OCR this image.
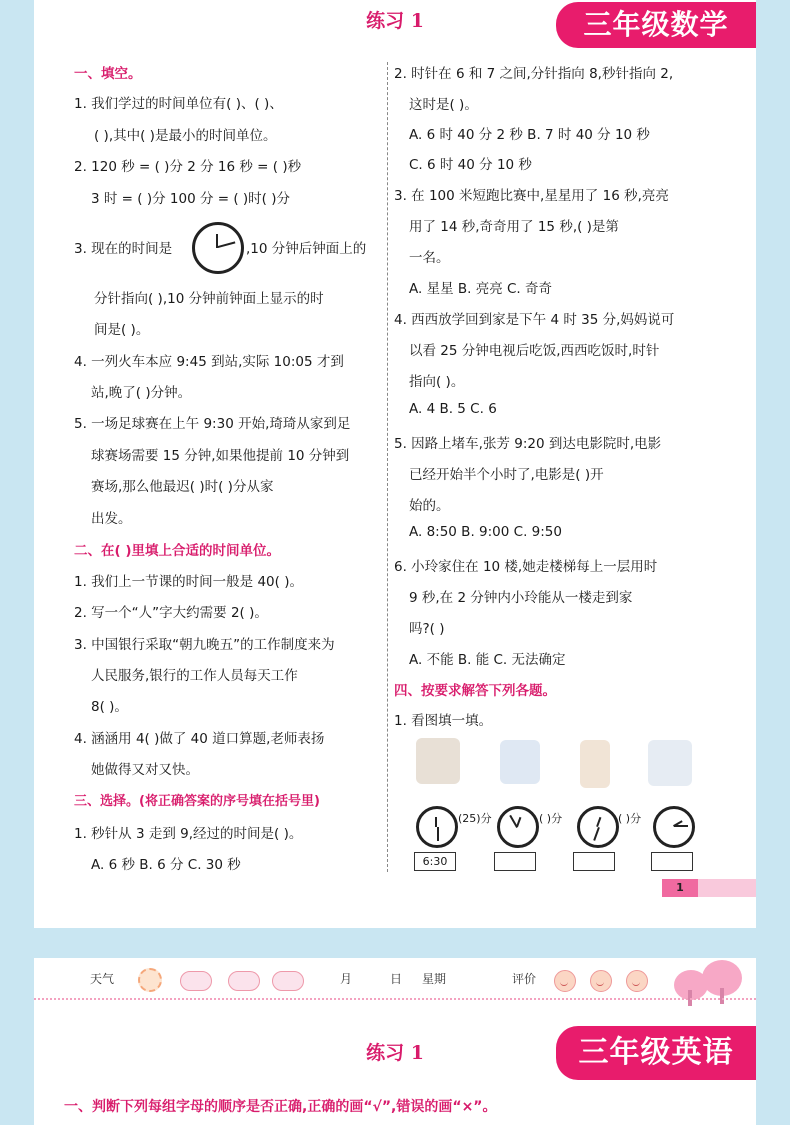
练习 1	三年级数学
一、填空。
1. 我们学过的时间单位有( )、( )、
( ),其中( )是最小的时间单位。
2. 120 秒 = ( )分 2 分 16 秒 = ( )秒
3 时 = ( )分 100 分 = ( )时( )分
3. 现在的时间是	,10 分钟后钟面上的
分针指向( ),10 分钟前钟面上显示的时
间是( )。
4. 一列火车本应 9:45 到站,实际 10:05 才到
站,晚了( )分钟。
5. 一场足球赛在上午 9:30 开始,琦琦从家到足
球赛场需要 15 分钟,如果他提前 10 分钟到
赛场,那么他最迟( )时( )分从家
出发。
二、在( )里填上合适的时间单位。
1. 我们上一节课的时间一般是 40( )。
2. 写一个“人”字大约需要 2( )。
3. 中国银行采取“朝九晚五”的工作制度来为
人民服务,银行的工作人员每天工作
8( )。
4. 涵涵用 4( )做了 40 道口算题,老师表扬
她做得又对又快。
三、选择。(将正确答案的序号填在括号里)
1. 秒针从 3 走到 9,经过的时间是( )。
A. 6 秒 B. 6 分 C. 30 秒
2. 时针在 6 和 7 之间,分针指向 8,秒针指向 2,
这时是( )。
A. 6 时 40 分 2 秒 B. 7 时 40 分 10 秒
C. 6 时 40 分 10 秒
3. 在 100 米短跑比赛中,星星用了 16 秒,亮亮
用了 14 秒,奇奇用了 15 秒,( )是第
一名。
A. 星星 B. 亮亮 C. 奇奇
4. 西西放学回到家是下午 4 时 35 分,妈妈说可
以看 25 分钟电视后吃饭,西西吃饭时,时针
指向( )。
A. 4 B. 5 C. 6
5. 因路上堵车,张芳 9:20 到达电影院时,电影
已经开始半个小时了,电影是( )开
始的。
A. 8:50 B. 9:00 C. 9:50
6. 小玲家住在 10 楼,她走楼梯每上一层用时
9 秒,在 2 分钟内小玲能从一楼走到家
吗?( )
A. 不能 B. 能 C. 无法确定
四、按要求解答下列各题。
1. 看图填一填。
(25)分	( )分	( )分
6:30
1
天气	月	日 星期	评价
练习 1	三年级英语
一、判断下列每组字母的顺序是否正确,正确的画“√”,错误的画“×”。
